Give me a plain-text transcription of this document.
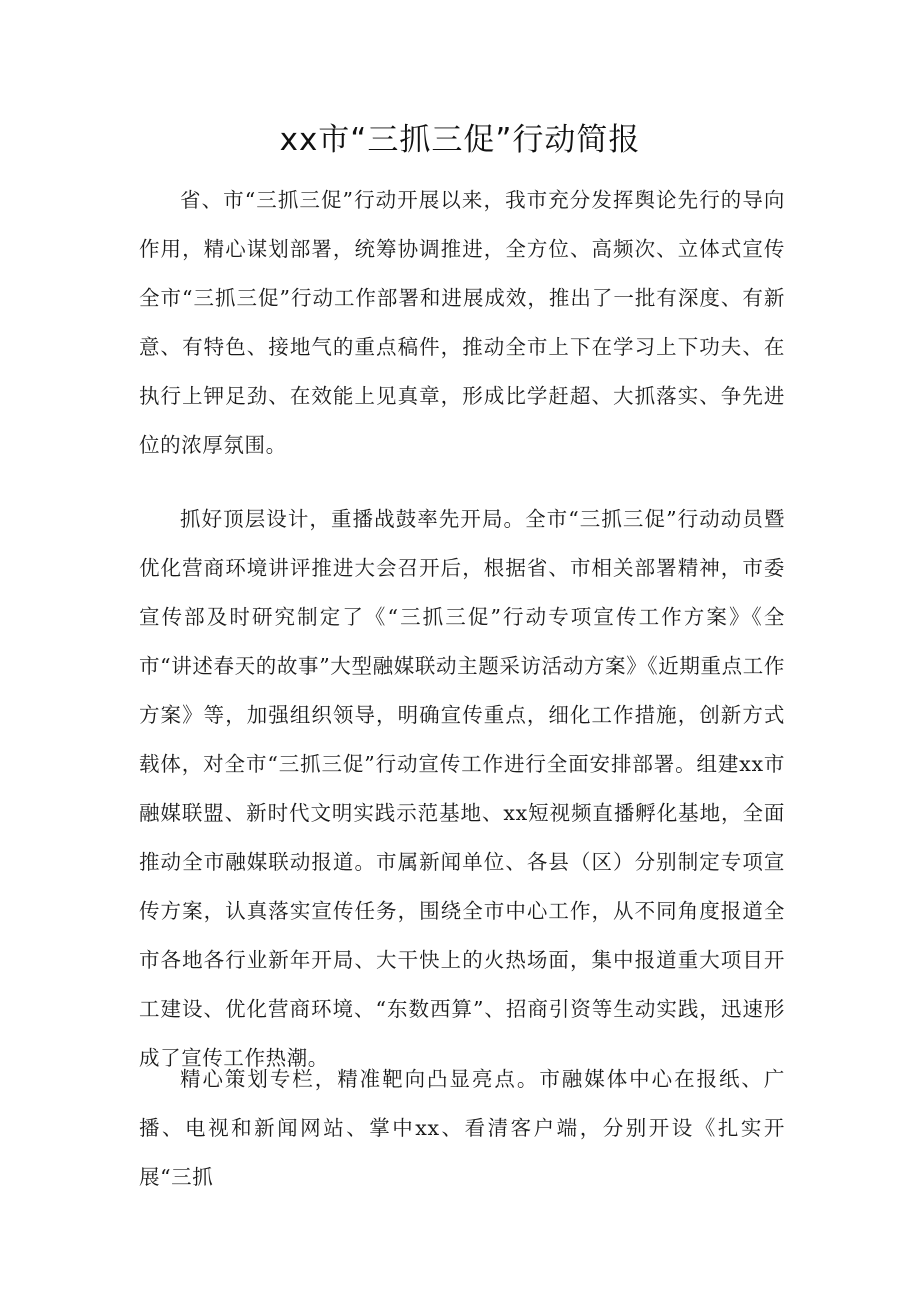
xx市“三抓三促”行动简报

省、市“三抓三促”行动开展以来，我市充分发挥舆论先行的导向作用，精心谋划部署，统筹协调推进，全方位、高频次、立体式宣传全市“三抓三促”行动工作部署和进展成效，推出了一批有深度、有新意、有特色、接地气的重点稿件，推动全市上下在学习上下功夫、在执行上钾足劲、在效能上见真章，形成比学赶超、大抓落实、争先进位的浓厚氛围。

抓好顶层设计，重播战鼓率先开局。全市“三抓三促”行动动员暨优化营商环境讲评推进大会召开后，根据省、市相关部署精神，市委宣传部及时研究制定了《“三抓三促”行动专项宣传工作方案》《全市“讲述春天的故事”大型融媒联动主题采访活动方案》《近期重点工作方案》等，加强组织领导，明确宣传重点，细化工作措施，创新方式载体，对全市“三抓三促”行动宣传工作进行全面安排部署。组建xx市融媒联盟、新时代文明实践示范基地、xx短视频直播孵化基地，全面推动全市融媒联动报道。市属新闻单位、各县（区）分别制定专项宣传方案，认真落实宣传任务，围绕全市中心工作，从不同角度报道全市各地各行业新年开局、大干快上的火热场面，集中报道重大项目开工建设、优化营商环境、“东数西算”、招商引资等生动实践，迅速形成了宣传工作热潮。

精心策划专栏，精准靶向凸显亮点。市融媒体中心在报纸、广播、电视和新闻网站、掌中xx、看清客户端，分别开设《扎实开展“三抓
